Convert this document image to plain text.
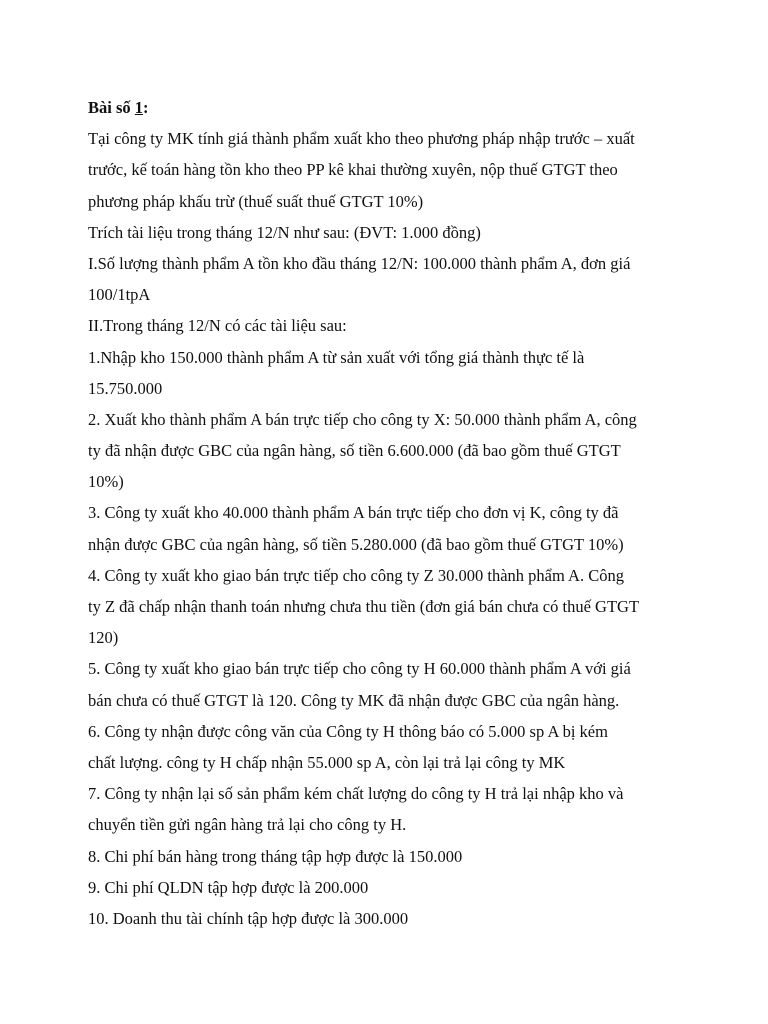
Bài số 1:
Tại công ty MK tính giá thành phẩm xuất kho theo phương pháp nhập trước – xuất
trước, kế toán hàng tồn kho theo PP kê khai thường xuyên, nộp thuế GTGT theo
phương pháp khấu trừ (thuế suất thuế GTGT 10%)
Trích tài liệu trong tháng 12/N như sau: (ĐVT: 1.000 đồng)
I.Số lượng thành phẩm A tồn kho đầu tháng 12/N: 100.000 thành phẩm A, đơn giá
100/1tpA
II.Trong tháng 12/N có các tài liệu sau:
1.Nhập kho 150.000 thành phẩm A từ sản xuất với tổng giá thành thực tế là
15.750.000
2. Xuất kho thành phẩm A bán trực tiếp cho công ty X: 50.000 thành phẩm A, công
ty đã nhận được GBC của ngân hàng, số tiền 6.600.000 (đã bao gồm thuế GTGT
10%)
3. Công ty xuất kho 40.000 thành phẩm A bán trực tiếp cho đơn vị K, công ty đã
nhận được GBC của ngân hàng, số tiền 5.280.000 (đã bao gồm thuế GTGT 10%)
4. Công ty xuất kho giao bán trực tiếp cho công ty Z 30.000 thành phẩm A. Công
ty Z đã chấp nhận thanh toán nhưng chưa thu tiền (đơn giá bán chưa có thuế GTGT
120)
5. Công ty xuất kho giao bán trực tiếp cho công ty H 60.000 thành phẩm A với giá
bán chưa có thuế GTGT là 120. Công ty MK đã nhận được GBC của ngân hàng.
6. Công ty nhận được công văn của Công ty H thông báo có 5.000 sp A bị kém
chất lượng. công ty H chấp nhận 55.000 sp A, còn lại trả lại công ty MK
7. Công ty nhận lại số sản phẩm kém chất lượng do công ty H trả lại nhập kho và
chuyển tiền gửi ngân hàng trả lại cho công ty H.
8. Chi phí bán hàng trong tháng tập hợp được là 150.000
9. Chi phí QLDN tập hợp được là 200.000
10. Doanh thu tài chính tập hợp được là 300.000
